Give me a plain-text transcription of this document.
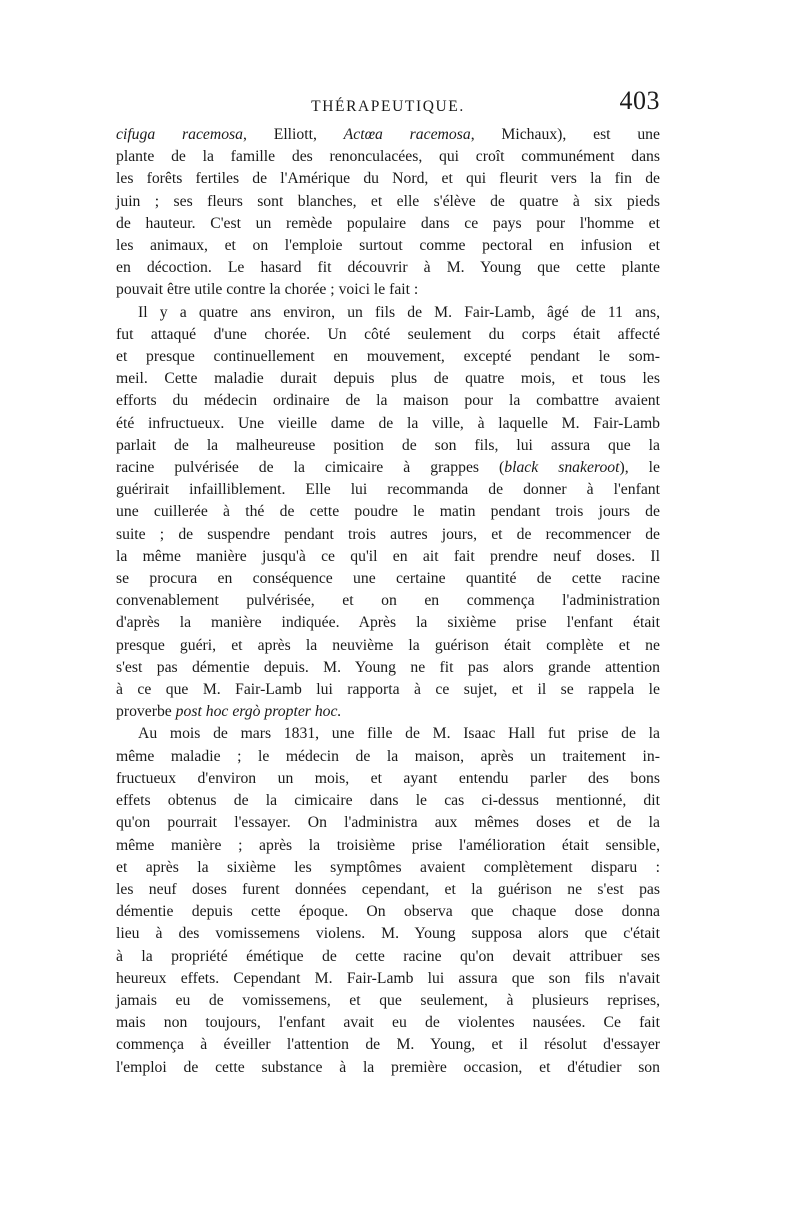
THÉRAPEUTIQUE.	403
cifuga racemosa, Elliott, Actœa racemosa, Michaux), est une
plante de la famille des renonculacées, qui croît communément dans
les forêts fertiles de l'Amérique du Nord, et qui fleurit vers la fin de
juin ; ses fleurs sont blanches, et elle s'élève de quatre à six pieds
de hauteur. C'est un remède populaire dans ce pays pour l'homme et
les animaux, et on l'emploie surtout comme pectoral en infusion et
en décoction. Le hasard fit découvrir à M. Young que cette plante
pouvait être utile contre la chorée ; voici le fait :
Il y a quatre ans environ, un fils de M. Fair-Lamb, âgé de 11 ans,
fut attaqué d'une chorée. Un côté seulement du corps était affecté
et presque continuellement en mouvement, excepté pendant le som-
meil. Cette maladie durait depuis plus de quatre mois, et tous les
efforts du médecin ordinaire de la maison pour la combattre avaient
été infructueux. Une vieille dame de la ville, à laquelle M. Fair-Lamb
parlait de la malheureuse position de son fils, lui assura que la
racine pulvérisée de la cimicaire à grappes (black snakeroot), le
guérirait infailliblement. Elle lui recommanda de donner à l'enfant
une cuillerée à thé de cette poudre le matin pendant trois jours de
suite ; de suspendre pendant trois autres jours, et de recommencer de
la même manière jusqu'à ce qu'il en ait fait prendre neuf doses. Il
se procura en conséquence une certaine quantité de cette racine
convenablement pulvérisée, et on en commença l'administration
d'après la manière indiquée. Après la sixième prise l'enfant était
presque guéri, et après la neuvième la guérison était complète et ne
s'est pas démentie depuis. M. Young ne fit pas alors grande attention
à ce que M. Fair-Lamb lui rapporta à ce sujet, et il se rappela le
proverbe post hoc ergò propter hoc.
Au mois de mars 1831, une fille de M. Isaac Hall fut prise de la
même maladie ; le médecin de la maison, après un traitement in-
fructueux d'environ un mois, et ayant entendu parler des bons
effets obtenus de la cimicaire dans le cas ci-dessus mentionné, dit
qu'on pourrait l'essayer. On l'administra aux mêmes doses et de la
même manière ; après la troisième prise l'amélioration était sensible,
et après la sixième les symptômes avaient complètement disparu :
les neuf doses furent données cependant, et la guérison ne s'est pas
démentie depuis cette époque. On observa que chaque dose donna
lieu à des vomissemens violens. M. Young supposa alors que c'était
à la propriété émétique de cette racine qu'on devait attribuer ses
heureux effets. Cependant M. Fair-Lamb lui assura que son fils n'avait
jamais eu de vomissemens, et que seulement, à plusieurs reprises,
mais non toujours, l'enfant avait eu de violentes nausées. Ce fait
commença à éveiller l'attention de M. Young, et il résolut d'essayer
l'emploi de cette substance à la première occasion, et d'étudier son
